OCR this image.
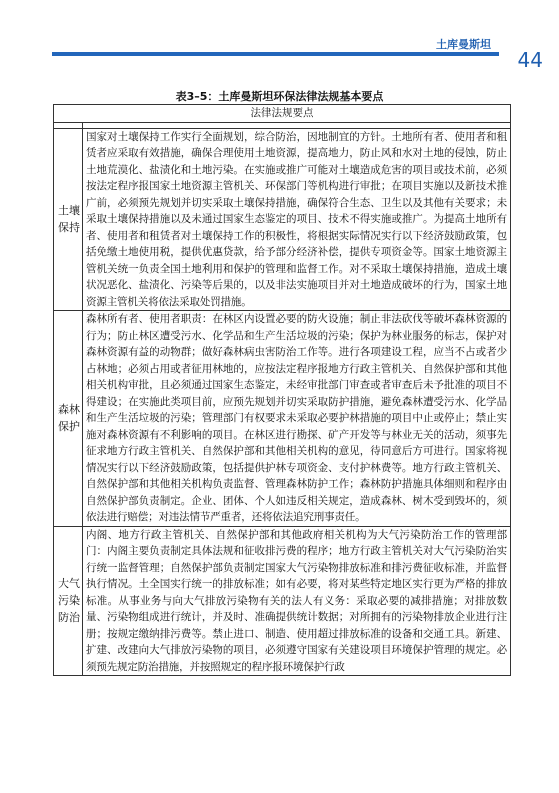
土库曼斯坦
44
表3–5：土库曼斯坦环保法律法规基本要点
法律法规要点	

土壤保持	国家对土壤保持工作实行全面规划，综合防治，因地制宜的方针。土地所有者、使用者和租赁者应采取有效措施，确保合理使用土地资源，提高地力，防止风和水对土地的侵蚀，防止土地荒漠化、盐渍化和土地污染。在实施或推广可能对土壤造成危害的项目或技术前，必须按法定程序报国家土地资源主管机关、环保部门等机构进行审批；在项目实施以及新技术推广前，必须预先规划并切实采取土壤保持措施，确保符合生态、卫生以及其他有关要求；未采取土壤保持措施以及未通过国家生态鉴定的项目、技术不得实施或推广。为提高土地所有者、使用者和租赁者对土壤保持工作的积极性，将根据实际情况实行以下经济鼓励政策，包括免缴土地使用税，提供优惠贷款，给予部分经济补偿，提供专项资金等。国家土地资源主管机关统一负责全国土地利用和保护的管理和监督工作。对不采取土壤保持措施，造成土壤状况恶化、盐渍化、污染等后果的，以及非法实施项目并对土地造成破坏的行为，国家土地资源主管机关将依法采取处罚措施。
森林保护	森林所有者、使用者职责：在林区内设置必要的防火设施；制止非法砍伐等破坏森林资源的行为；防止林区遭受污水、化学品和生产生活垃圾的污染；保护为林业服务的标志，保护对森林资源有益的动物群；做好森林病虫害防治工作等。进行各项建设工程，应当不占或者少占林地；必须占用或者征用林地的，应按法定程序报地方行政主管机关、自然保护部和其他相关机构审批，且必须通过国家生态鉴定，未经审批部门审查或者审查后未予批准的项目不得建设；在实施此类项目前，应预先规划并切实采取防护措施，避免森林遭受污水、化学品和生产生活垃圾的污染；管理部门有权要求未采取必要护林措施的项目中止或停止；禁止实施对森林资源有不利影响的项目。在林区进行勘探、矿产开发等与林业无关的活动，须事先征求地方行政主管机关、自然保护部和其他相关机构的意见，待同意后方可进行。国家将视情况实行以下经济鼓励政策，包括提供护林专项资金、支付护林费等。地方行政主管机关、自然保护部和其他相关机构负责监督、管理森林防护工作；森林防护措施具体细则和程序由自然保护部负责制定。企业、团体、个人如违反相关规定，造成森林、树木受到毁坏的，须依法进行赔偿；对违法情节严重者，还将依法追究刑事责任。
大气污染防治	内阁、地方行政主管机关、自然保护部和其他政府相关机构为大气污染防治工作的管理部门：内阁主要负责制定具体法规和征收排污费的程序；地方行政主管机关对大气污染防治实行统一监督管理；自然保护部负责制定国家大气污染物排放标准和排污费征收标准，并监督执行情况。土全国实行统一的排放标准；如有必要，将对某些特定地区实行更为严格的排放标准。从事业务与向大气排放污染物有关的法人有义务：采取必要的减排措施；对排放数量、污染物组成进行统计，并及时、准确提供统计数据；对所拥有的污染物排放企业进行注册；按规定缴纳排污费等。禁止进口、制造、使用超过排放标准的设备和交通工具。新建、扩建、改建向大气排放污染物的项目，必须遵守国家有关建设项目环境保护管理的规定。必须预先规定防治措施，并按照规定的程序报环境保护行政
